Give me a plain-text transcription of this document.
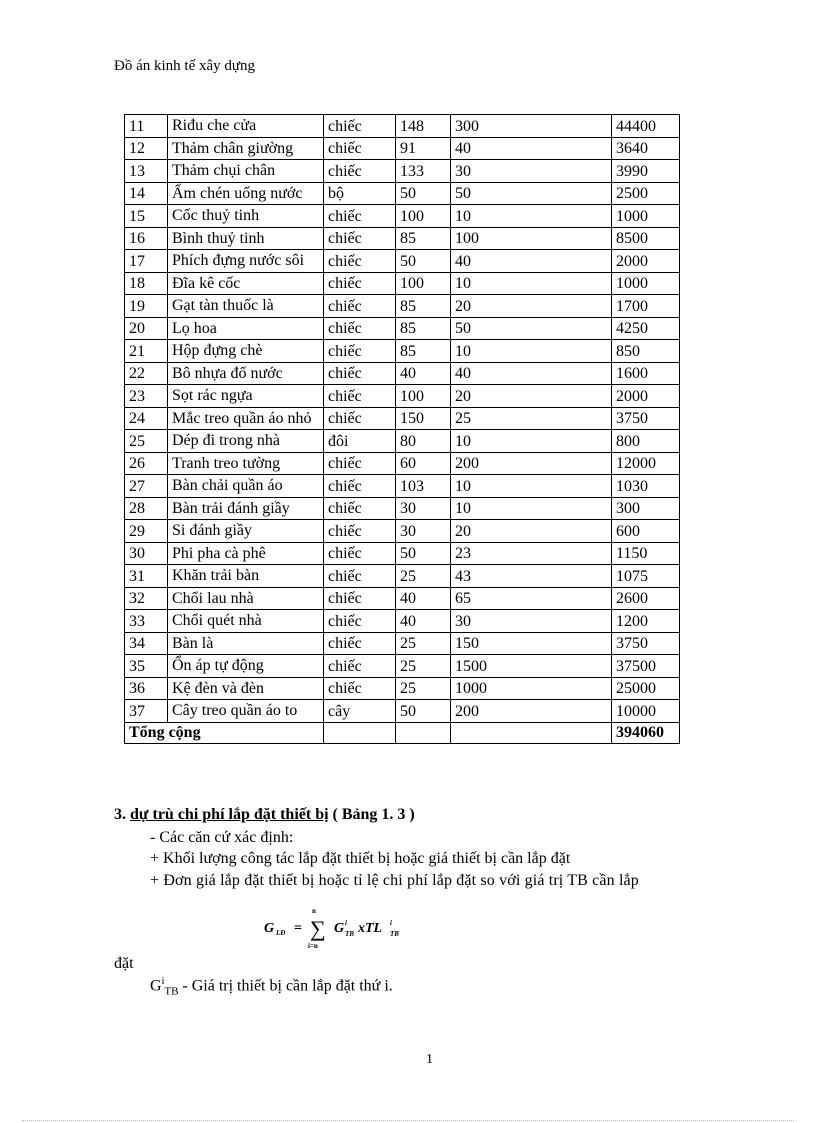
Đồ án kinh tế xây dựng
11	Riđu che cửa	chiếc	148	300	44400
12	Thảm chân giường	chiếc	91	40	3640
13	Thảm chụi chân	chiếc	133	30	3990
14	Ấm chén uống nước	bộ	50	50	2500
15	Cốc thuỷ tinh	chiếc	100	10	1000
16	Bình thuỷ tinh	chiếc	85	100	8500
17	Phích đựng nước sôi	chiếc	50	40	2000
18	Đĩa kê cốc	chiếc	100	10	1000
19	Gạt tàn thuốc là	chiếc	85	20	1700
20	Lọ hoa	chiếc	85	50	4250
21	Hộp đựng chè	chiếc	85	10	850
22	Bô nhựa đổ nước	chiếc	40	40	1600
23	Sọt rác ngựa	chiếc	100	20	2000
24	Mắc treo quần áo nhỏ	chiếc	150	25	3750
25	Dép đi trong nhà	đôi	80	10	800
26	Tranh treo tường	chiếc	60	200	12000
27	Bàn chải quần áo	chiếc	103	10	1030
28	Bàn trải đánh giầy	chiếc	30	10	300
29	Si đánh giầy	chiếc	30	20	600
30	Phi pha cà phê	chiếc	50	23	1150
31	Khăn trải bàn	chiếc	25	43	1075
32	Chổi lau nhà	chiếc	40	65	2600
33	Chổi quét nhà	chiếc	40	30	1200
34	Bàn là	chiếc	25	150	3750
35	Ổn áp tự động	chiếc	25	1500	37500
36	Kệ đèn và đèn	chiếc	25	1000	25000
37	Cây treo quần áo to	cây	50	200	10000
Tổng cộng					394060
3. dự trù chi phí lắp đặt thiết bị ( Bảng 1. 3 )
- Các căn cứ xác định:
+ Khối lượng công tác lắp đặt thiết bị hoặc giá thiết bị cần lắp đặt
+ Đơn giá lắp đặt thiết bị hoặc tỉ lệ chi phí lắp đặt so với giá trị TB cần lắp
G LĐ =
n
∑
i=n
G i
TB xTL i
TB
đặt
$G^i_{TB}$ - Giá trị thiết bị cần lắp đặt thứ i.
1
